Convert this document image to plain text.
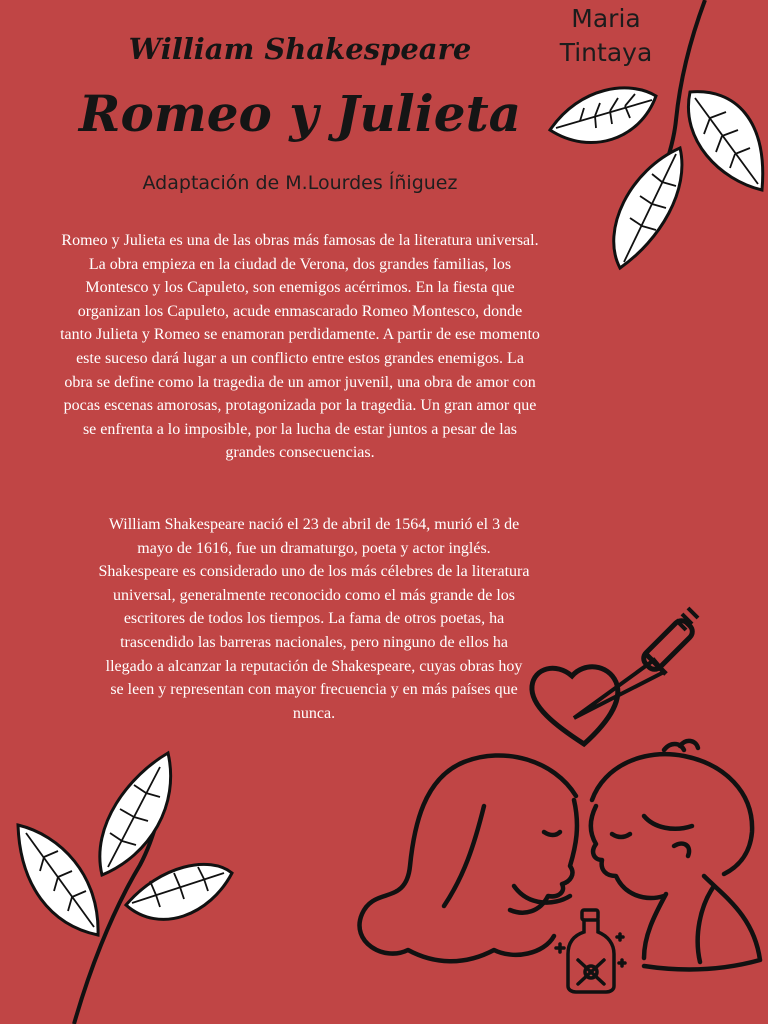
Maria Tintaya
William Shakespeare
Romeo y Julieta
Adaptación de M.Lourdes Íñiguez

Romeo y Julieta es una de las obras más famosas de la literatura universal. La obra empieza en la ciudad de Verona, dos grandes familias, los Montesco y los Capuleto, son enemigos acérrimos. En la fiesta que organizan los Capuleto, acude enmascarado Romeo Montesco, donde tanto Julieta y Romeo se enamoran perdidamente. A partir de ese momento este suceso dará lugar a un conflicto entre estos grandes enemigos. La obra se define como la tragedia de un amor juvenil, una obra de amor con pocas escenas amorosas, protagonizada por la tragedia. Un gran amor que se enfrenta a lo imposible, por la lucha de estar juntos a pesar de las grandes consecuencias.

William Shakespeare nació el 23 de abril de 1564, murió el 3 de mayo de 1616, fue un dramaturgo, poeta y actor inglés. Shakespeare es considerado uno de los más célebres de la literatura universal, generalmente reconocido como el más grande de los escritores de todos los tiempos. La fama de otros poetas, ha trascendido las barreras nacionales, pero ninguno de ellos ha llegado a alcanzar la reputación de Shakespeare, cuyas obras hoy se leen y representan con mayor frecuencia y en más países que nunca.
